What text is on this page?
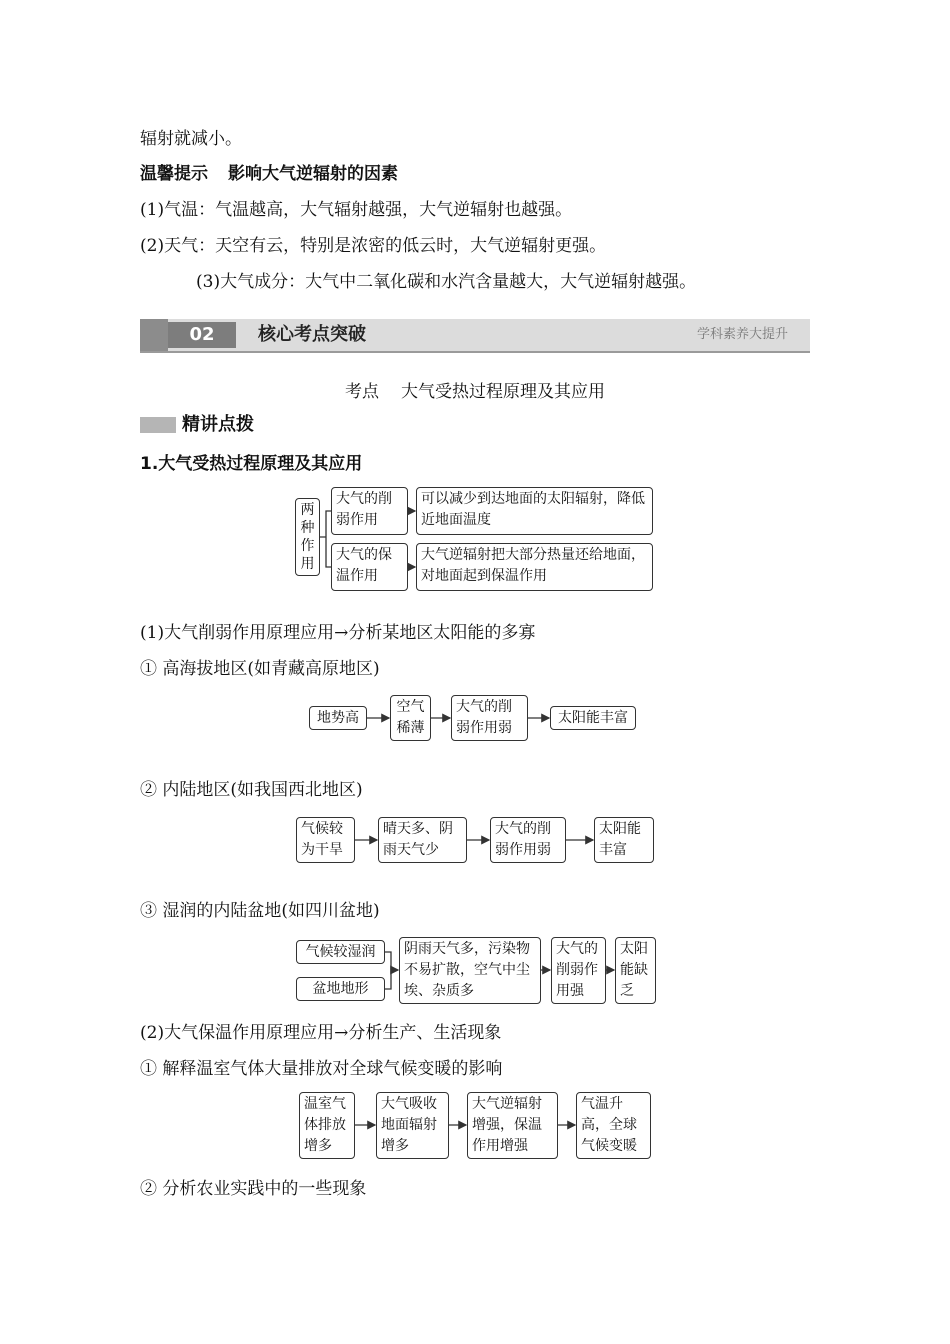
辐射就减小。
温馨提示 影响大气逆辐射的因素
(1)气温：气温越高，大气辐射越强，大气逆辐射也越强。
(2)天气：天空有云，特别是浓密的低云时，大气逆辐射更强。
(3)大气成分：大气中二氧化碳和水汽含量越大，大气逆辐射越强。
02	核心考点突破	学科素养大提升
考点 大气受热过程原理及其应用
精讲点拨
1.大气受热过程原理及其应用
两种作用
大气的削弱作用
可以减少到达地面的太阳辐射，降低近地面温度
大气的保温作用
大气逆辐射把大部分热量还给地面，对地面起到保温作用
(1)大气削弱作用原理应用→分析某地区太阳能的多寡
① 高海拔地区(如青藏高原地区)
地势高
空气稀薄
大气的削弱作用弱
太阳能丰富
② 内陆地区(如我国西北地区)
气候较为干旱
晴天多、阴雨天气少
大气的削弱作用弱
太阳能丰富
③ 湿润的内陆盆地(如四川盆地)
气候较湿润
盆地地形
阴雨天气多，污染物不易扩散，空气中尘埃、杂质多
大气的削弱作用强
太阳能缺乏
(2)大气保温作用原理应用→分析生产、生活现象
① 解释温室气体大量排放对全球气候变暖的影响
温室气体排放增多
大气吸收地面辐射增多
大气逆辐射增强，保温作用增强
气温升高，全球气候变暖
② 分析农业实践中的一些现象
